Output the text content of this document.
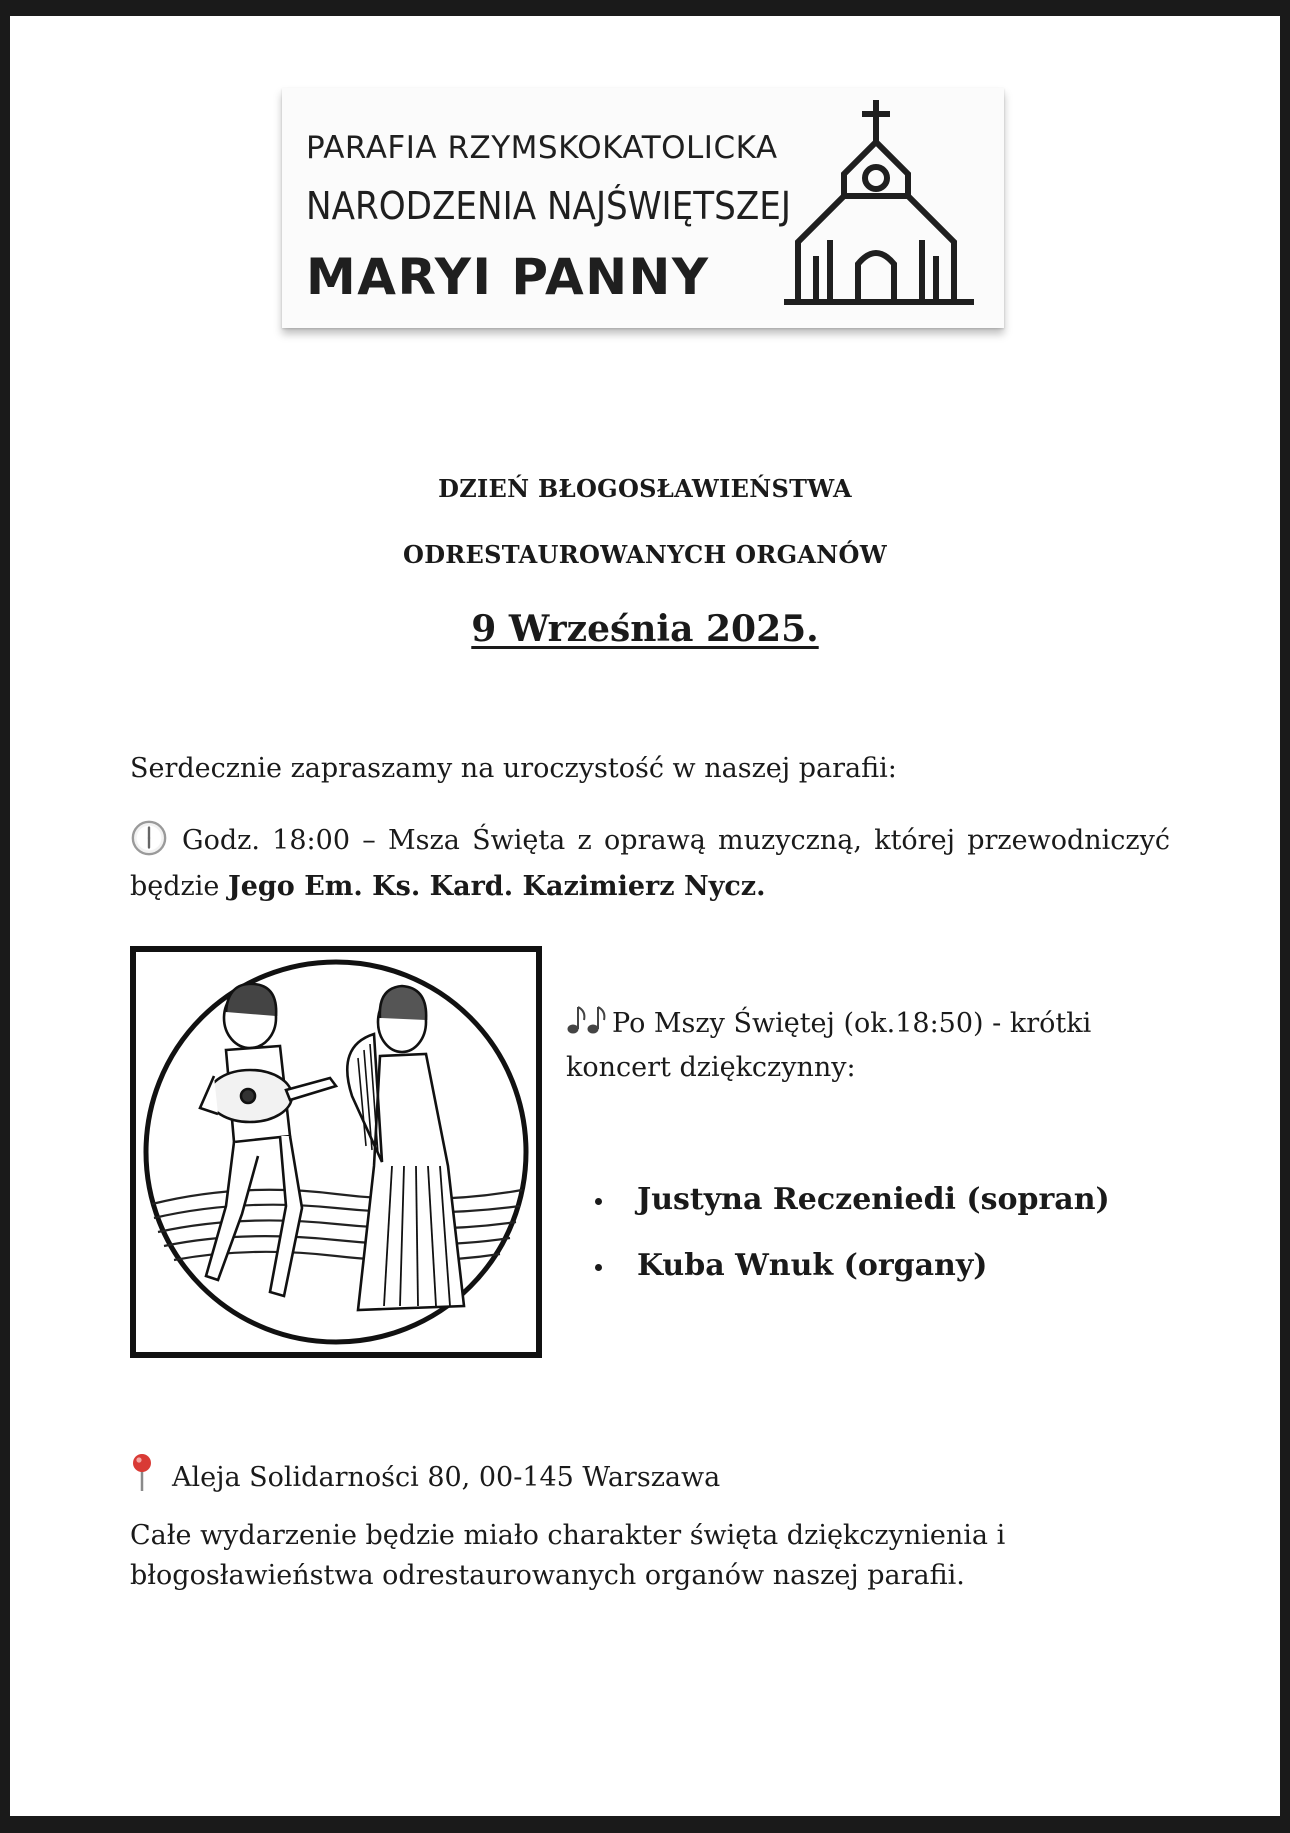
PARAFIA RZYMSKOKATOLICKA
NARODZENIA NAJŚWIĘTSZEJ
MARYI PANNY
DZIEŃ BŁOGOSŁAWIEŃSTWA
ODRESTAUROWANYCH ORGANÓW
9 Września 2025.
Serdecznie zapraszamy na uroczystość w naszej parafii:
Godz. 18:00 – Msza Święta z oprawą muzyczną, której przewodniczyć będzie Jego Em. Ks. Kard. Kazimierz Nycz.
Po Mszy Świętej (ok.18:50) - krótki koncert dziękczynny:
Justyna Reczeniedi (sopran)
Kuba Wnuk (organy)
Aleja Solidarności 80, 00-145 Warszawa
Całe wydarzenie będzie miało charakter święta dziękczynienia i błogosławieństwa odrestaurowanych organów naszej parafii.
